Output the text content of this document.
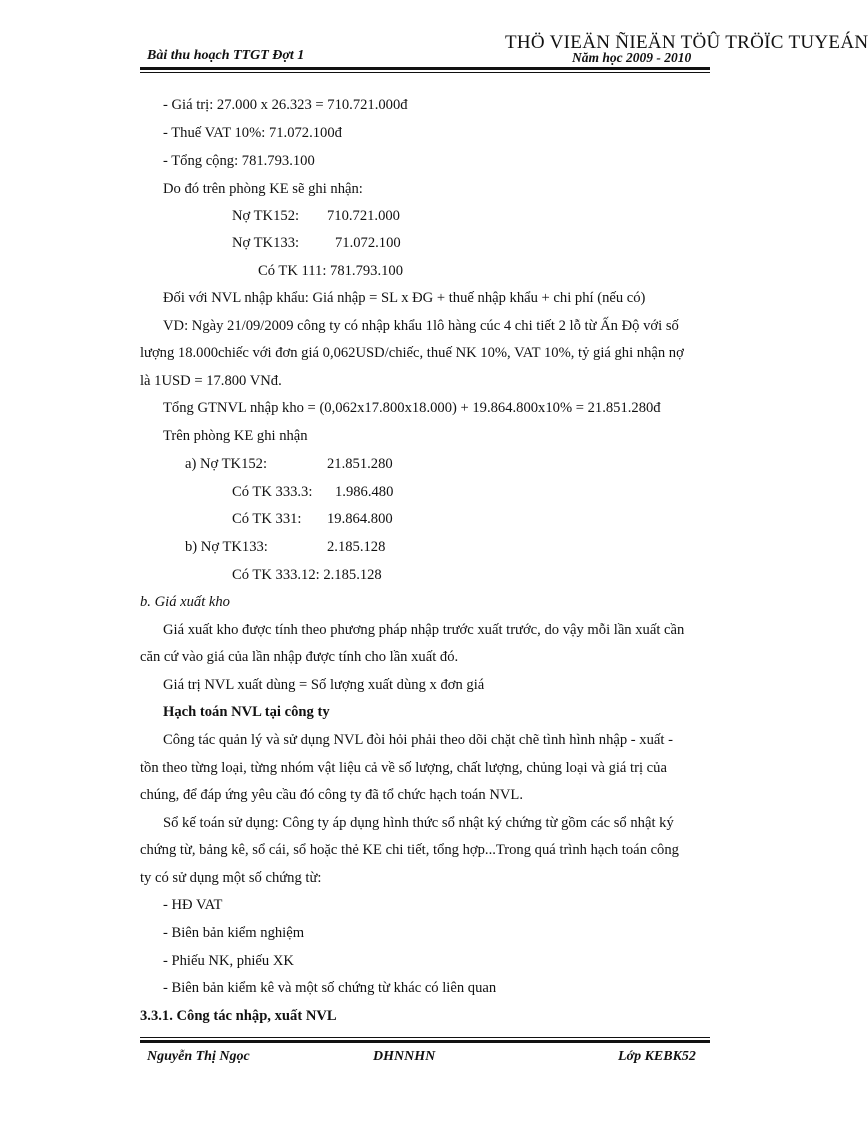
Bài thu hoạch TTGT Đợt 1	Năm học 2009 - 2010
THÖ VIEÄN ÑIEÄN TÖÛ TRÖÏC TUYEÁN
- Giá trị: 27.000 x 26.323 = 710.721.000đ
- Thuế VAT 10%: 71.072.100đ
- Tổng cộng: 781.793.100
Do đó trên phòng KE sẽ ghi nhận:
Nợ TK152: 710.721.000
Nợ TK133: 71.072.100
Có TK 111: 781.793.100
Đối với NVL nhập khẩu: Giá nhập = SL x ĐG + thuế nhập khẩu + chi phí (nếu có)
VD: Ngày 21/09/2009 công ty có nhập khẩu 1lô hàng cúc 4 chi tiết 2 lỗ từ Ấn Độ với số
lượng 18.000chiếc với đơn giá 0,062USD/chiếc, thuế NK 10%, VAT 10%, tỷ giá ghi nhận nợ
là 1USD = 17.800 VNđ.
Tổng GTNVL nhập kho = (0,062x17.800x18.000) + 19.864.800x10% = 21.851.280đ
Trên phòng KE ghi nhận
a) Nợ TK152:	21.851.280
Có TK 333.3: 1.986.480
Có TK 331: 19.864.800
b) Nợ TK133:	2.185.128
Có TK 333.12: 2.185.128
b. Giá xuất kho
Giá xuất kho được tính theo phương pháp nhập trước xuất trước, do vậy mỗi lần xuất cần
căn cứ vào giá của lần nhập được tính cho lần xuất đó.
Giá trị NVL xuất dùng = Số lượng xuất dùng x đơn giá
Hạch toán NVL tại công ty
Công tác quản lý và sử dụng NVL đòi hỏi phải theo dõi chặt chẽ tình hình nhập - xuất -
tồn theo từng loại, từng nhóm vật liệu cả về số lượng, chất lượng, chủng loại và giá trị của
chúng, để đáp ứng yêu cầu đó công ty đã tổ chức hạch toán NVL.
Sổ kế toán sử dụng: Công ty áp dụng hình thức sổ nhật ký chứng từ gồm các sổ nhật ký
chứng từ, bảng kê, sổ cái, sổ hoặc thẻ KE chi tiết, tổng hợp...Trong quá trình hạch toán công
ty có sử dụng một số chứng từ:
- HĐ VAT
- Biên bản kiểm nghiệm
- Phiếu NK, phiếu XK
- Biên bản kiểm kê và một số chứng từ khác có liên quan
3.3.1. Công tác nhập, xuất NVL
Nguyễn Thị Ngọc	DHNNHN	Lớp KEBK52
